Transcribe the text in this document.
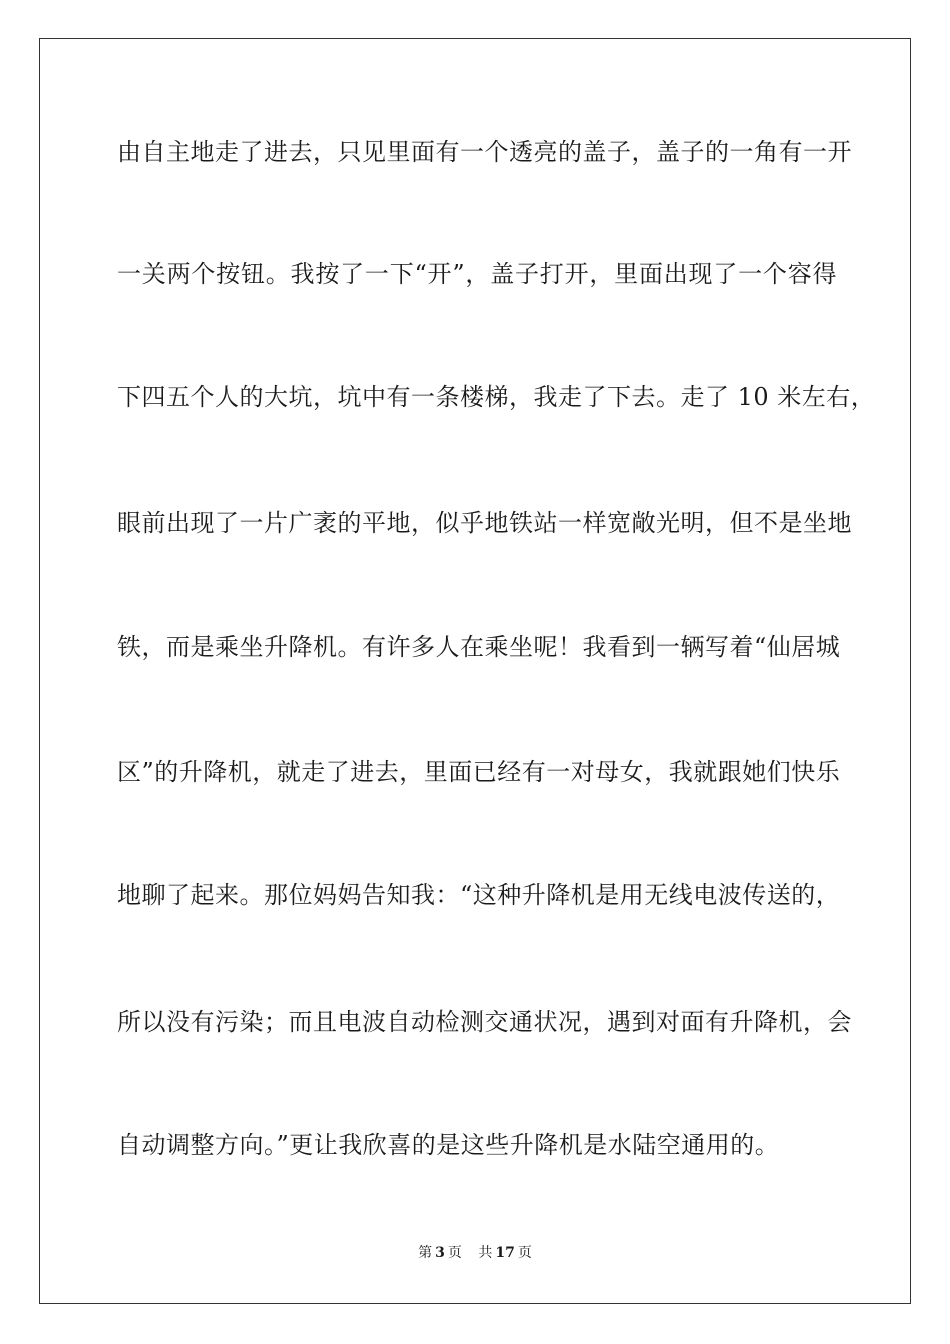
由自主地走了进去，只见里面有一个透亮的盖子，盖子的一角有一开
一关两个按钮。我按了一下“开”，盖子打开，里面出现了一个容得
下四五个人的大坑，坑中有一条楼梯，我走了下去。走了 10 米左右，
眼前出现了一片广袤的平地，似乎地铁站一样宽敞光明，但不是坐地
铁，而是乘坐升降机。有许多人在乘坐呢！我看到一辆写着“仙居城
区”的升降机，就走了进去，里面已经有一对母女，我就跟她们快乐
地聊了起来。那位妈妈告知我：“这种升降机是用无线电波传送的，
所以没有污染；而且电波自动检测交通状况，遇到对面有升降机，会
自动调整方向。”更让我欣喜的是这些升降机是水陆空通用的。
第 3 页 共 17 页
